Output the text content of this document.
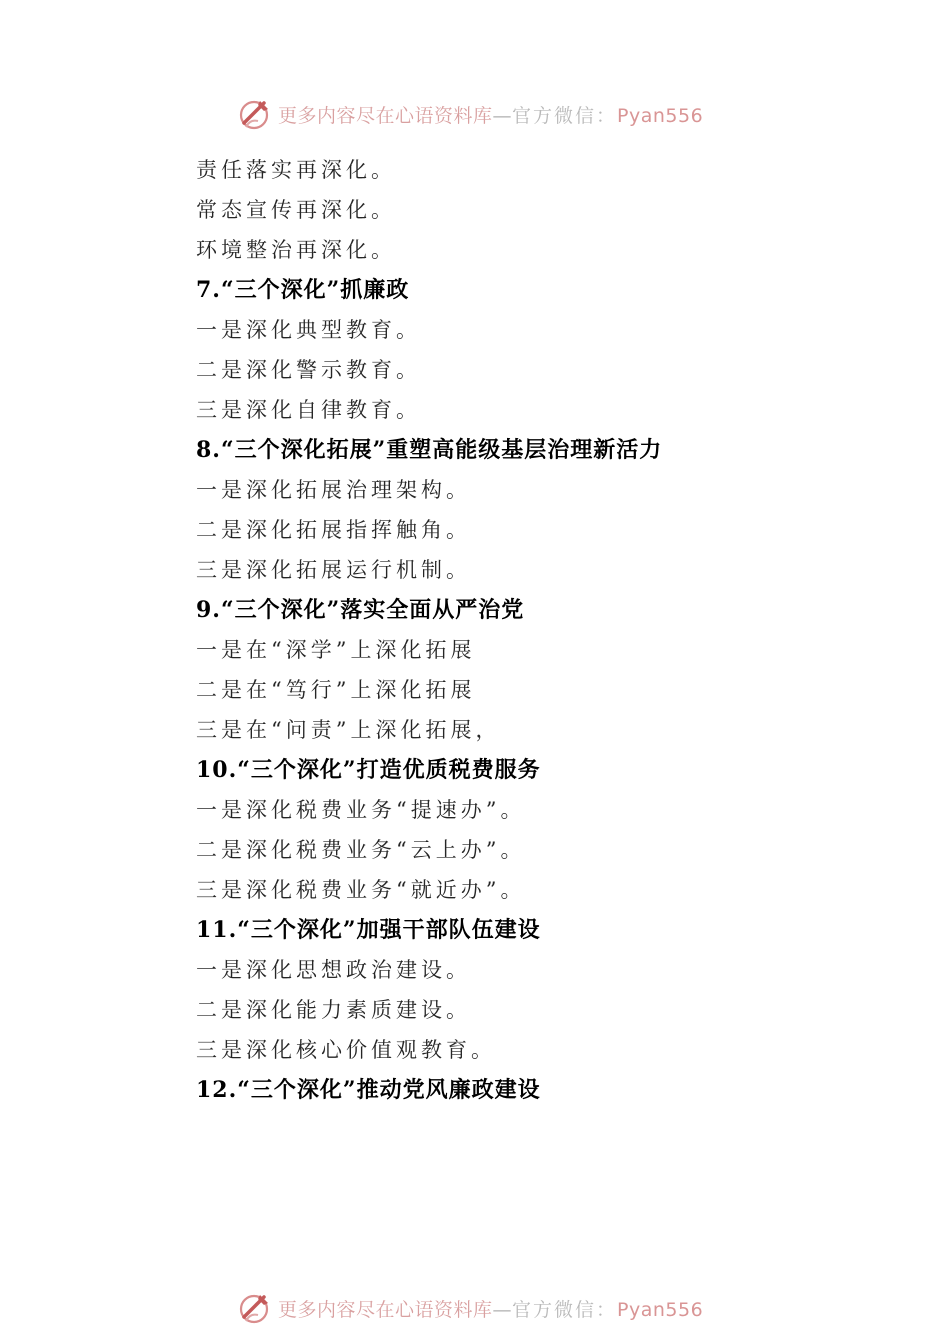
更多内容尽在心语资料库—官方微信：Pyan556
责任落实再深化。
常态宣传再深化。
环境整治再深化。
7.“三个深化”抓廉政
一是深化典型教育。
二是深化警示教育。
三是深化自律教育。
8.“三个深化拓展”重塑高能级基层治理新活力
一是深化拓展治理架构。
二是深化拓展指挥触角。
三是深化拓展运行机制。
9.“三个深化”落实全面从严治党
一是在“深学”上深化拓展
二是在“笃行”上深化拓展
三是在“问责”上深化拓展，
10.“三个深化”打造优质税费服务
一是深化税费业务“提速办”。
二是深化税费业务“云上办”。
三是深化税费业务“就近办”。
11.“三个深化”加强干部队伍建设
一是深化思想政治建设。
二是深化能力素质建设。
三是深化核心价值观教育。
12.“三个深化”推动党风廉政建设
更多内容尽在心语资料库—官方微信：Pyan556
